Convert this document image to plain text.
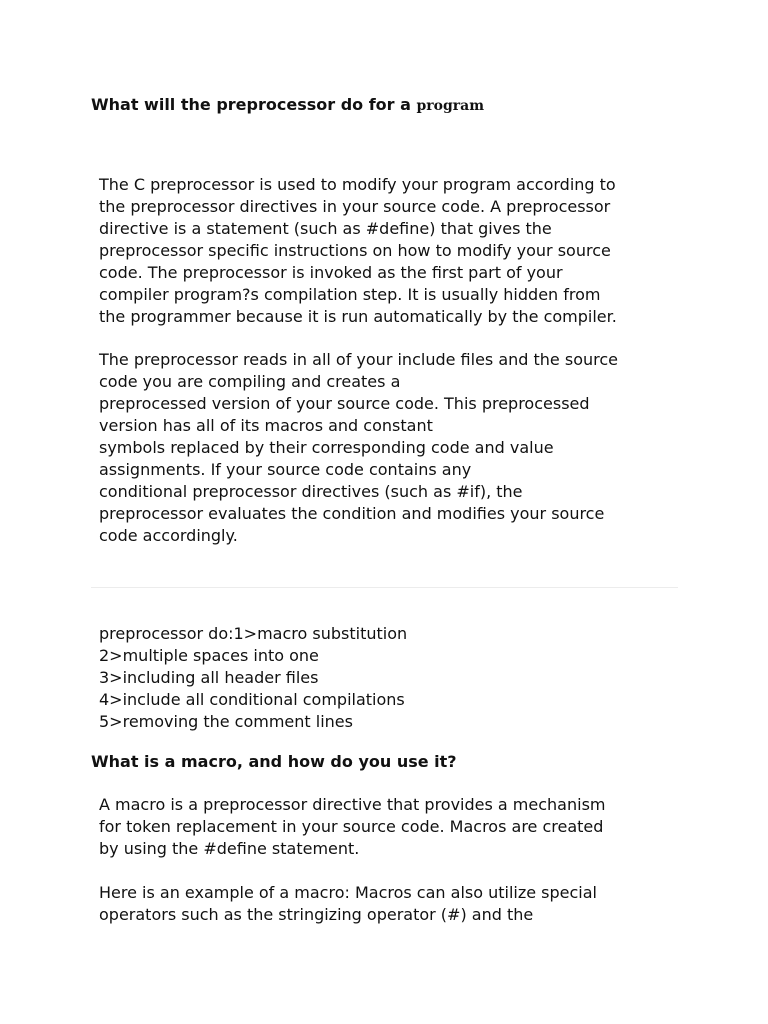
What will the preprocessor do for a program

The C preprocessor is used to modify your program according to
the preprocessor directives in your source code. A preprocessor
directive is a statement (such as #define) that gives the
preprocessor specific instructions on how to modify your source
code. The preprocessor is invoked as the first part of your
compiler program?s compilation step. It is usually hidden from
the programmer because it is run automatically by the compiler.

The preprocessor reads in all of your include files and the source
code you are compiling and creates a
preprocessed version of your source code. This preprocessed
version has all of its macros and constant
symbols replaced by their corresponding code and value
assignments. If your source code contains any
conditional preprocessor directives (such as #if), the
preprocessor evaluates the condition and modifies your source
code accordingly.

preprocessor do:1>macro substitution
2>multiple spaces into one
3>including all header files
4>include all conditional compilations
5>removing the comment lines

What is a macro, and how do you use it?

A macro is a preprocessor directive that provides a mechanism
for token replacement in your source code. Macros are created
by using the #define statement.

Here is an example of a macro: Macros can also utilize special
operators such as the stringizing operator (#) and the
